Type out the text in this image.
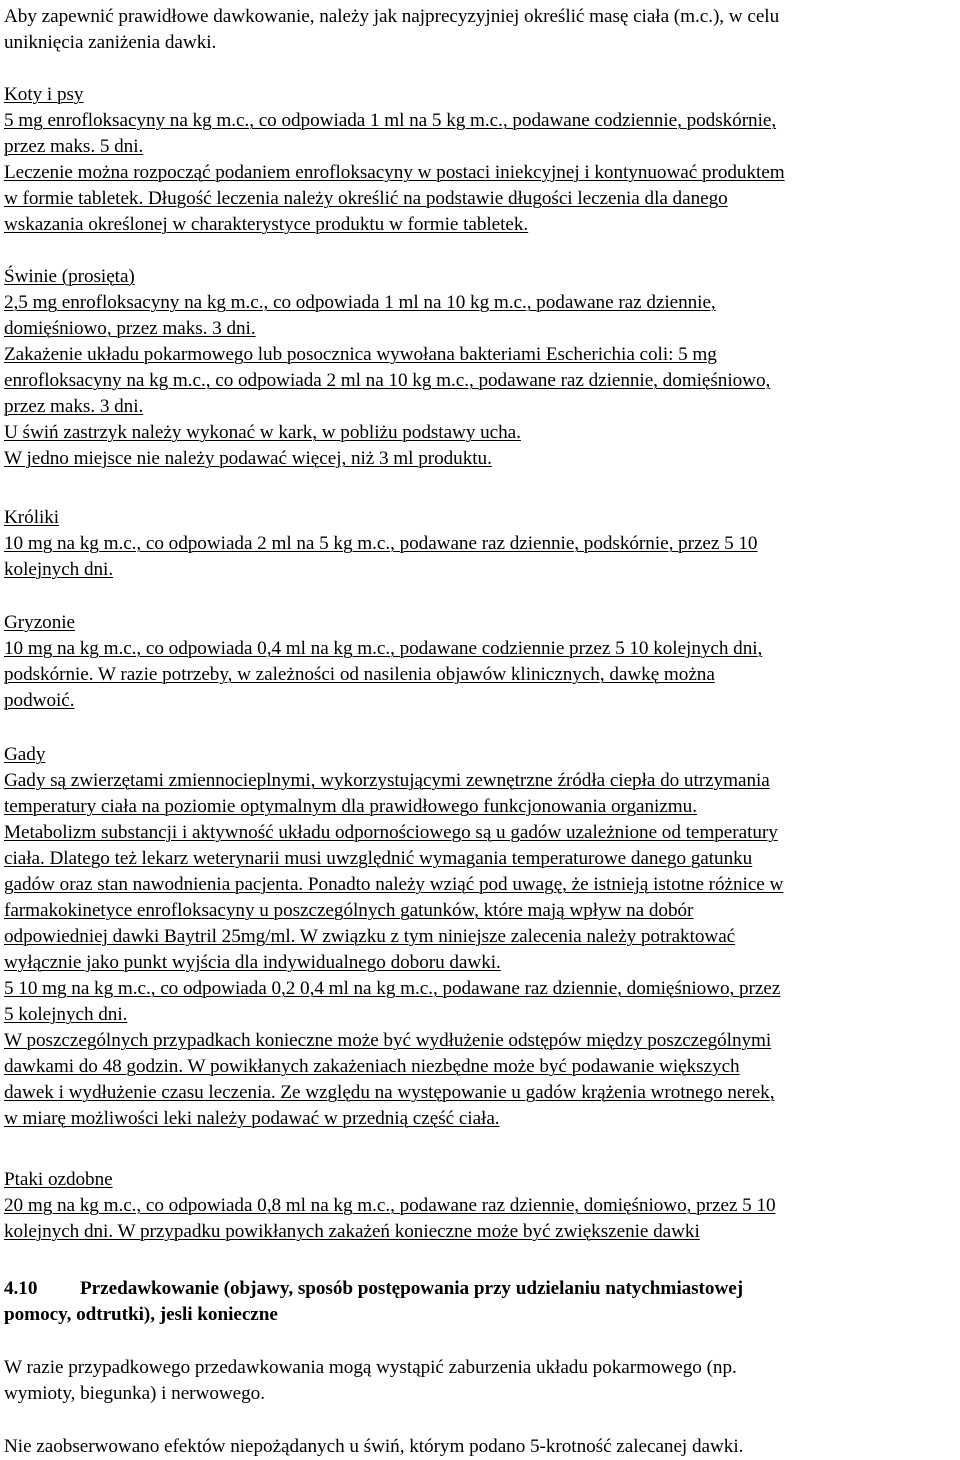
Aby zapewnić prawidłowe dawkowanie, należy jak najprecyzyjniej określić masę ciała (m.c.), w celu
uniknięcia zaniżenia dawki.
Koty i psy
5 mg enrofloksacyny na kg m.c., co odpowiada 1 ml na 5 kg m.c., podawane codziennie, podskórnie,
przez maks. 5 dni.
Leczenie można rozpocząć podaniem enrofloksacyny w postaci iniekcyjnej i kontynuować produktem
w formie tabletek. Długość leczenia należy określić na podstawie długości leczenia dla danego
wskazania określonej w charakterystyce produktu w formie tabletek.
Świnie (prosięta)
2,5 mg enrofloksacyny na kg m.c., co odpowiada 1 ml na 10 kg m.c., podawane raz dziennie,
domięśniowo, przez maks. 3 dni.
Zakażenie układu pokarmowego lub posocznica wywołana bakteriami Escherichia coli: 5 mg
enrofloksacyny na kg m.c., co odpowiada 2 ml na 10 kg m.c., podawane raz dziennie, domięśniowo,
przez maks. 3 dni.
U świń zastrzyk należy wykonać w kark, w pobliżu podstawy ucha.
W jedno miejsce nie należy podawać więcej, niż 3 ml produktu.
Króliki
10 mg na kg m.c., co odpowiada 2 ml na 5 kg m.c., podawane raz dziennie, podskórnie, przez 5 10
kolejnych dni.
Gryzonie
10 mg na kg m.c., co odpowiada 0,4 ml na kg m.c., podawane codziennie przez 5 10 kolejnych dni,
podskórnie. W razie potrzeby, w zależności od nasilenia objawów klinicznych, dawkę można
podwoić.
Gady
Gady są zwierzętami zmiennocieplnymi, wykorzystującymi zewnętrzne źródła ciepła do utrzymania
temperatury ciała na poziomie optymalnym dla prawidłowego funkcjonowania organizmu.
Metabolizm substancji i aktywność układu odpornościowego są u gadów uzależnione od temperatury
ciała. Dlatego też lekarz weterynarii musi uwzględnić wymagania temperaturowe danego gatunku
gadów oraz stan nawodnienia pacjenta. Ponadto należy wziąć pod uwagę, że istnieją istotne różnice w
farmakokinetyce enrofloksacyny u poszczególnych gatunków, które mają wpływ na dobór
odpowiedniej dawki Baytril 25mg/ml. W związku z tym niniejsze zalecenia należy potraktować
wyłącznie jako punkt wyjścia dla indywidualnego doboru dawki.
5 10 mg na kg m.c., co odpowiada 0,2 0,4 ml na kg m.c., podawane raz dziennie, domięśniowo, przez
5 kolejnych dni.
W poszczególnych przypadkach konieczne może być wydłużenie odstępów między poszczególnymi
dawkami do 48 godzin. W powikłanych zakażeniach niezbędne może być podawanie większych
dawek i wydłużenie czasu leczenia. Ze względu na występowanie u gadów krążenia wrotnego nerek,
w miarę możliwości leki należy podawać w przednią część ciała.
Ptaki ozdobne
20 mg na kg m.c., co odpowiada 0,8 ml na kg m.c., podawane raz dziennie, domięśniowo, przez 5 10
kolejnych dni. W przypadku powikłanych zakażeń konieczne może być zwiększenie dawki
4.10 Przedawkowanie (objawy, sposób postępowania przy udzielaniu natychmiastowej
pomocy, odtrutki), jesli konieczne
W razie przypadkowego przedawkowania mogą wystąpić zaburzenia układu pokarmowego (np.
wymioty, biegunka) i nerwowego.
Nie zaobserwowano efektów niepożądanych u świń, którym podano 5-krotność zalecanej dawki.
